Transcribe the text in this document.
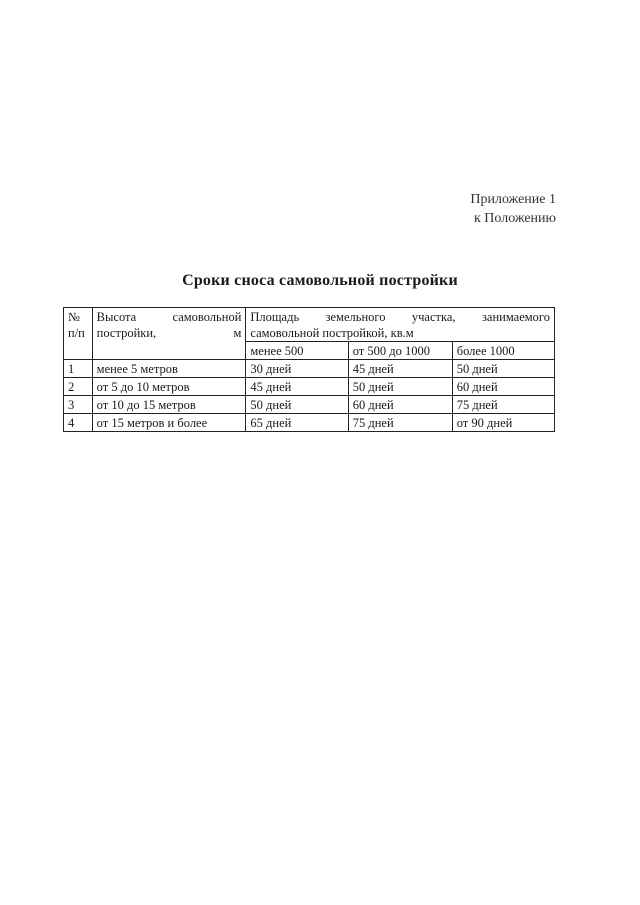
Приложение 1
к Положению
Сроки сноса самовольной постройки
№ п/п	Высота самовольной постройки, м	Площадь земельного участка, занимаемого
самовольной постройкой, кв.м		
		менее 500	от 500 до 1000	более 1000
1	менее 5 метров	30 дней	45 дней	50 дней
2	от 5 до 10 метров	45 дней	50 дней	60 дней
3	от 10 до 15 метров	50 дней	60 дней	75 дней
4	от 15 метров и более	65 дней	75 дней	от 90 дней
